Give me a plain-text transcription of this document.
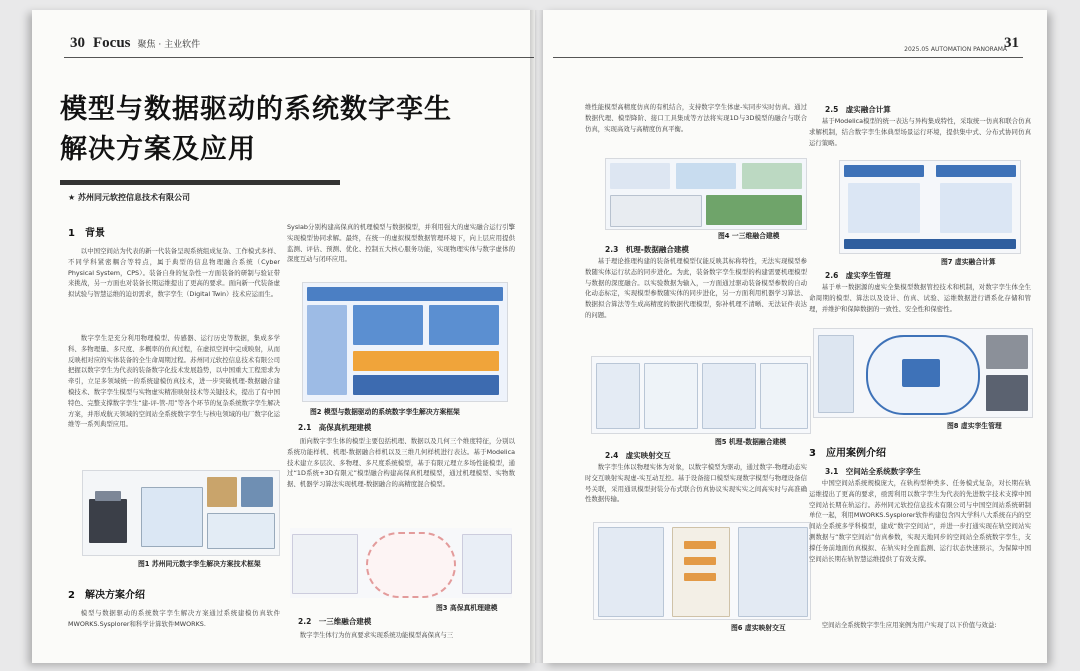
30 Focus 聚焦 · 主业软件
模型与数据驱动的系统数字孪生
解决方案及应用
★ 苏州同元软控信息技术有限公司
1　背景
以中国空间站为代表的新一代装备呈现系统组成复杂、工作模式多样、不同学科紧密耦合等特点，属于典型的信息物理融合系统（Cyber Physical System，CPS）。装备自身的复杂性一方面装备的研制与验证带来挑战，另一方面也对装备长期运维提出了更高的要求。面向新一代装备虚拟试验与智慧运维的迫切需求，数字孪生（Digital Twin）技术应运而生。
数字孪生是充分利用物理模型、传感器、运行历史等数据，集成多学科、多物理量、多尺度、多概率的仿真过程，在虚拟空间中完成映射，从而反映相对应的实体装备的全生命周期过程。苏州同元软控信息技术有限公司把握以数字孪生为代表的装备数字化技术发展趋势，以中国重大工程需求为牵引，立足多领域统一的系统建模仿真技术，进一步突破机理-数据融合建模技术、数字孪生模型与实物虚实精准映射技术等关键技术，提出了有中国特色、完整支撑数字孪生“建-评-管-用”等各个环节的复杂系统数字孪生解决方案，并形成航天领域的空间站全系统数字孪生与核电领域的电厂数字化运维等一系列典型应用。
图1 苏州同元数字孪生解决方案技术框架
2　解决方案介绍
模型与数据驱动的系统数字孪生解决方案通过系统建模仿真软件MWORKS.Sysplorer和科学计算软件MWORKS.
Syslab分别构建高保真的机理模型与数据模型，并利用强大的虚实融合运行引擎实现模型协同求解。最终，在统一的虚拟模型数据管理环境下，向上层应用提供监测、评估、预测、优化、控制五大核心服务功能，实现物理实体与数字虚体的深度互动与闭环应用。
图2 模型与数据驱动的系统数字孪生解决方案框架
2.1　高保真机理建模
面向数字孪生体的模型主要包括机理、数据以及几何三个维度特征，分别以系统功能样机、机理-数据融合样机以及三维几何样机进行表达。基于Modelica技术建立多层次、多物理、多尺度系统模型，基于有限元理立多场性能模型，通过“1D系统+3D有限元”模型融合构建高保真机理模型，通过机理模型、实物数据、机器学习算法实现机理-数据融合的高精度混合模型。
图3 高保真机理建模
2.2　一三维融合建模
数字孪生体行为仿真要求实现系统功能模型高保真与三
2025.05 AUTOMATION PANORAMA
31
维性能模型高精度仿真的有机结合，支持数字孪生体虚-实同步实时仿真。通过数据代理、模型降阶、接口工具集成等方法将实现1D与3D模型的融合与联合仿真，实现高效与高精度仿真平衡。
图4 一三维融合建模
2.3　机理-数据融合建模
基于理论推理构建的装备机理模型仅能反映其标称特性，无法实现模型参数随实体运行状态的同步进化。为此，装备数字孪生模型的构建需要机理模型与数据的深度融合。以实验数据为输入，一方面通过驱动装备模型参数的自动化动态标定，实现模型参数随实体的同步进化，另一方面利用机器学习算法、数据拟合算法等生成高精度的数据代理模型，弥补机理不清晰、无法证件表达的问题。
图5 机理-数据融合建模
2.4　虚实映射交互
数字孪生体以物理实体为对象，以数字模型为驱动，通过数字-物理动态实时交互映射实现虚-实互动互控。基于设备接口模型实现数字模型与物理设备信号关联，采用通讯模型封装分布式联合仿真协议实现实实之间高实时与高准确性数据传输。
图6 虚实映射交互
2.5　虚实融合计算
基于Modelica模型的统一表达与异构集成特性，采取统一仿真和联合仿真求解机制，结合数字孪生体典型场景运行环境，提供集中式、分布式协同仿真运行策略。
图7 虚实融合计算
2.6　虚实孪生管理
基于单一数据源的虚实全集模型数据管控技术和机制，对数字孪生体全生命周期的模型、算法以及设计、仿真、试验、运维数据进行谱系化存储和管理，并维护和保障数据的一致性、安全性和保密性。
图8 虚实孪生管理
3　应用案例介绍
3.1　空间站全系统数字孪生
中国空间站系统规模庞大，在轨构型种类多、任务模式复杂，对长期在轨运维提出了更高的要求，亟需利用以数字孪生为代表的先进数字技术支撑中国空间站长期在轨运行。苏州同元软控信息技术有限公司与中国空间站系统研制单位一起，利用MWORKS.Sysplorer软件构建包含四大学科八大系统在内的空间站全系统多学科模型，建成“数字空间站”，并进一步打通实现在轨空间站实测数据与“数字空间站”仿真参数，实现天地同步的空间站全系统数字孪生，支撑任务前地面仿真模拟、在轨实时全面监测、运行状态快速预示，为保障中国空间站长期在轨智慧运维提供了有效支撑。
空间站全系统数字孪生应用案例为用户实现了以下价值与效益:
